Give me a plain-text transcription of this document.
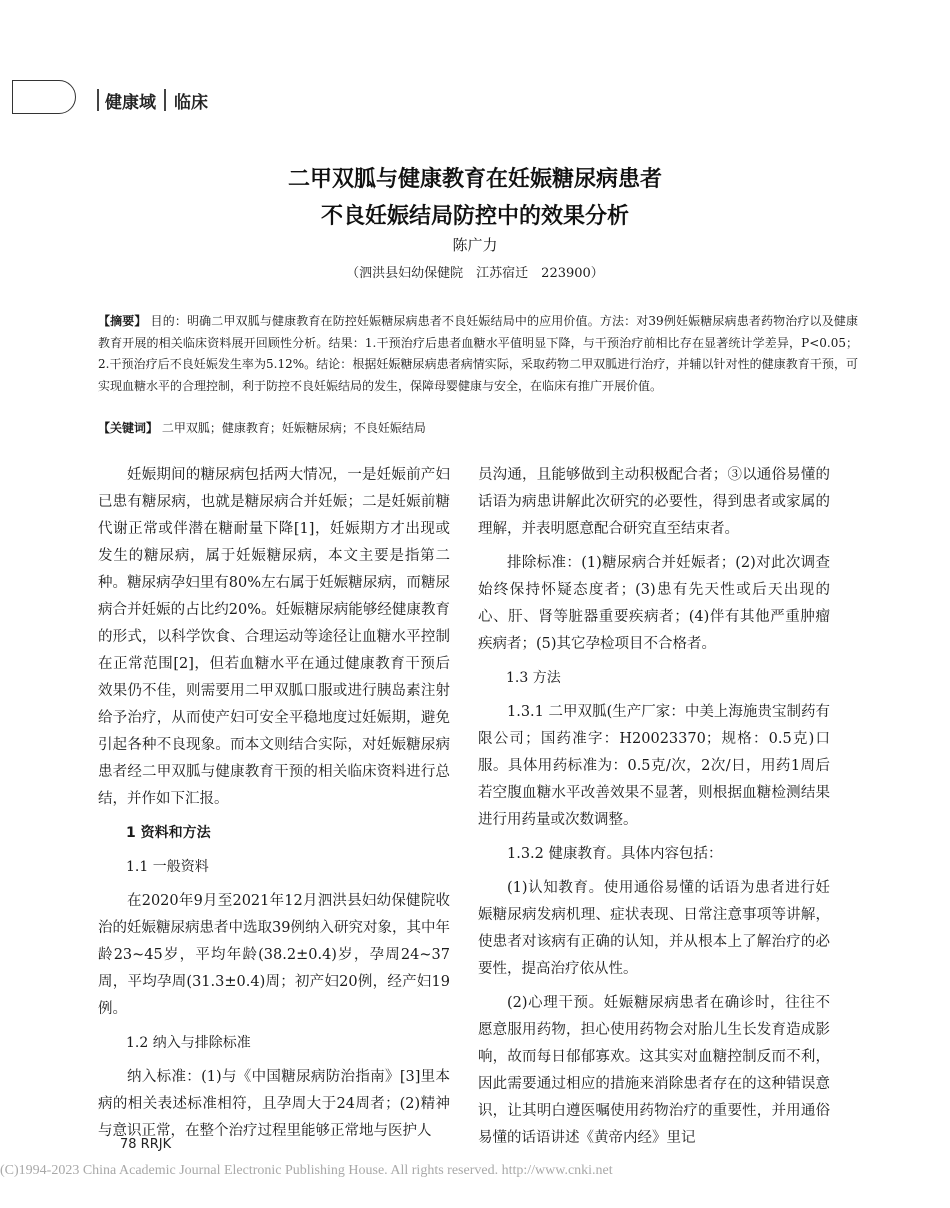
健康域 临床
二甲双胍与健康教育在妊娠糖尿病患者
不良妊娠结局防控中的效果分析
陈广力
（泗洪县妇幼保健院　江苏宿迁　223900）
【摘要】 目的：明确二甲双胍与健康教育在防控妊娠糖尿病患者不良妊娠结局中的应用价值。方法：对39例妊娠糖尿病患者药物治疗以及健康教育开展的相关临床资料展开回顾性分析。结果：1.干预治疗后患者血糖水平值明显下降，与干预治疗前相比存在显著统计学差异，P<0.05；2.干预治疗后不良妊娠发生率为5.12%。结论：根据妊娠糖尿病患者病情实际，采取药物二甲双胍进行治疗，并辅以针对性的健康教育干预，可实现血糖水平的合理控制，利于防控不良妊娠结局的发生，保障母婴健康与安全，在临床有推广开展价值。
【关键词】 二甲双胍；健康教育；妊娠糖尿病；不良妊娠结局

妊娠期间的糖尿病包括两大情况，一是妊娠前产妇已患有糖尿病，也就是糖尿病合并妊娠；二是妊娠前糖代谢正常或伴潜在糖耐量下降[1]，妊娠期方才出现或发生的糖尿病，属于妊娠糖尿病，本文主要是指第二种。糖尿病孕妇里有80%左右属于妊娠糖尿病，而糖尿病合并妊娠的占比约20%。妊娠糖尿病能够经健康教育的形式，以科学饮食、合理运动等途径让血糖水平控制在正常范围[2]，但若血糖水平在通过健康教育干预后效果仍不佳，则需要用二甲双胍口服或进行胰岛素注射给予治疗，从而使产妇可安全平稳地度过妊娠期，避免引起各种不良现象。而本文则结合实际，对妊娠糖尿病患者经二甲双胍与健康教育干预的相关临床资料进行总结，并作如下汇报。

1 资料和方法
1.1 一般资料

在2020年9月至2021年12月泗洪县妇幼保健院收治的妊娠糖尿病患者中选取39例纳入研究对象，其中年龄23~45岁，平均年龄(38.2±0.4)岁，孕周24~37周，平均孕周(31.3±0.4)周；初产妇20例，经产妇19例。

1.2 纳入与排除标准

纳入标准：(1)与《中国糖尿病防治指南》[3]里本病的相关表述标准相符，且孕周大于24周者；(2)精神与意识正常，在整个治疗过程里能够正常地与医护人

员沟通，且能够做到主动积极配合者；③以通俗易懂的话语为病患讲解此次研究的必要性，得到患者或家属的理解，并表明愿意配合研究直至结束者。

排除标准：(1)糖尿病合并妊娠者；(2)对此次调查始终保持怀疑态度者；(3)患有先天性或后天出现的心、肝、肾等脏器重要疾病者；(4)伴有其他严重肿瘤疾病者；(5)其它孕检项目不合格者。

1.3 方法

1.3.1 二甲双胍(生产厂家：中美上海施贵宝制药有限公司；国药准字：H20023370；规格：0.5克)口服。具体用药标准为：0.5克/次，2次/日，用药1周后若空腹血糖水平改善效果不显著，则根据血糖检测结果进行用药量或次数调整。

1.3.2 健康教育。具体内容包括：

(1)认知教育。使用通俗易懂的话语为患者进行妊娠糖尿病发病机理、症状表现、日常注意事项等讲解，使患者对该病有正确的认知，并从根本上了解治疗的必要性，提高治疗依从性。

(2)心理干预。妊娠糖尿病患者在确诊时，往往不愿意服用药物，担心使用药物会对胎儿生长发育造成影响，故而每日郁郁寡欢。这其实对血糖控制反而不利，因此需要通过相应的措施来消除患者存在的这种错误意识，让其明白遵医嘱使用药物治疗的重要性，并用通俗易懂的话语讲述《黄帝内经》里记

78 RRJK
(C)1994-2023 China Academic Journal Electronic Publishing House. All rights reserved. http://www.cnki.net
